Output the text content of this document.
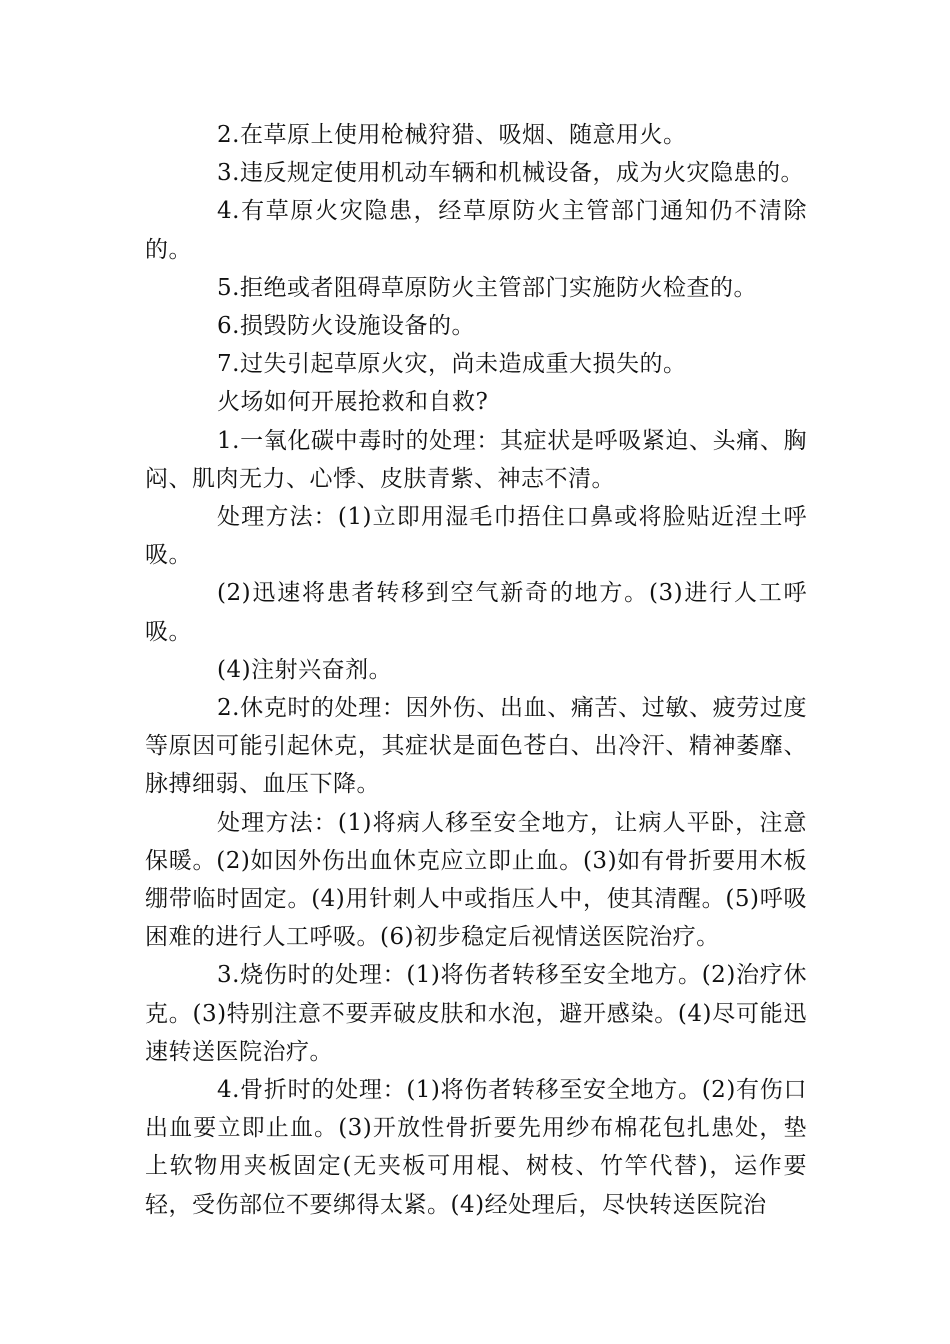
2.在草原上使用枪械狩猎、吸烟、随意用火。

3.违反规定使用机动车辆和机械设备，成为火灾隐患的。

4.有草原火灾隐患，经草原防火主管部门通知仍不清除的。

5.拒绝或者阻碍草原防火主管部门实施防火检查的。

6.损毁防火设施设备的。

7.过失引起草原火灾，尚未造成重大损失的。

火场如何开展抢救和自救?

1.一氧化碳中毒时的处理：其症状是呼吸紧迫、头痛、胸闷、肌肉无力、心悸、皮肤青紫、神志不清。

处理方法：(1)立即用湿毛巾捂住口鼻或将脸贴近湼土呼吸。

(2)迅速将患者转移到空气新奇的地方。(3)进行人工呼吸。

(4)注射兴奋剂。

2.休克时的处理：因外伤、出血、痛苦、过敏、疲劳过度等原因可能引起休克，其症状是面色苍白、出冷汗、精神萎靡、脉搏细弱、血压下降。

处理方法：(1)将病人移至安全地方，让病人平卧，注意保暖。(2)如因外伤出血休克应立即止血。(3)如有骨折要用木板绷带临时固定。(4)用针刺人中或指压人中，使其清醒。(5)呼吸困难的进行人工呼吸。(6)初步稳定后视情送医院治疗。

3.烧伤时的处理：(1)将伤者转移至安全地方。(2)治疗休克。(3)特别注意不要弄破皮肤和水泡，避开感染。(4)尽可能迅速转送医院治疗。

4.骨折时的处理：(1)将伤者转移至安全地方。(2)有伤口出血要立即止血。(3)开放性骨折要先用纱布棉花包扎患处，垫上软物用夹板固定(无夹板可用棍、树枝、竹竿代替)，运作要轻，受伤部位不要绑得太紧。(4)经处理后，尽快转送医院治
